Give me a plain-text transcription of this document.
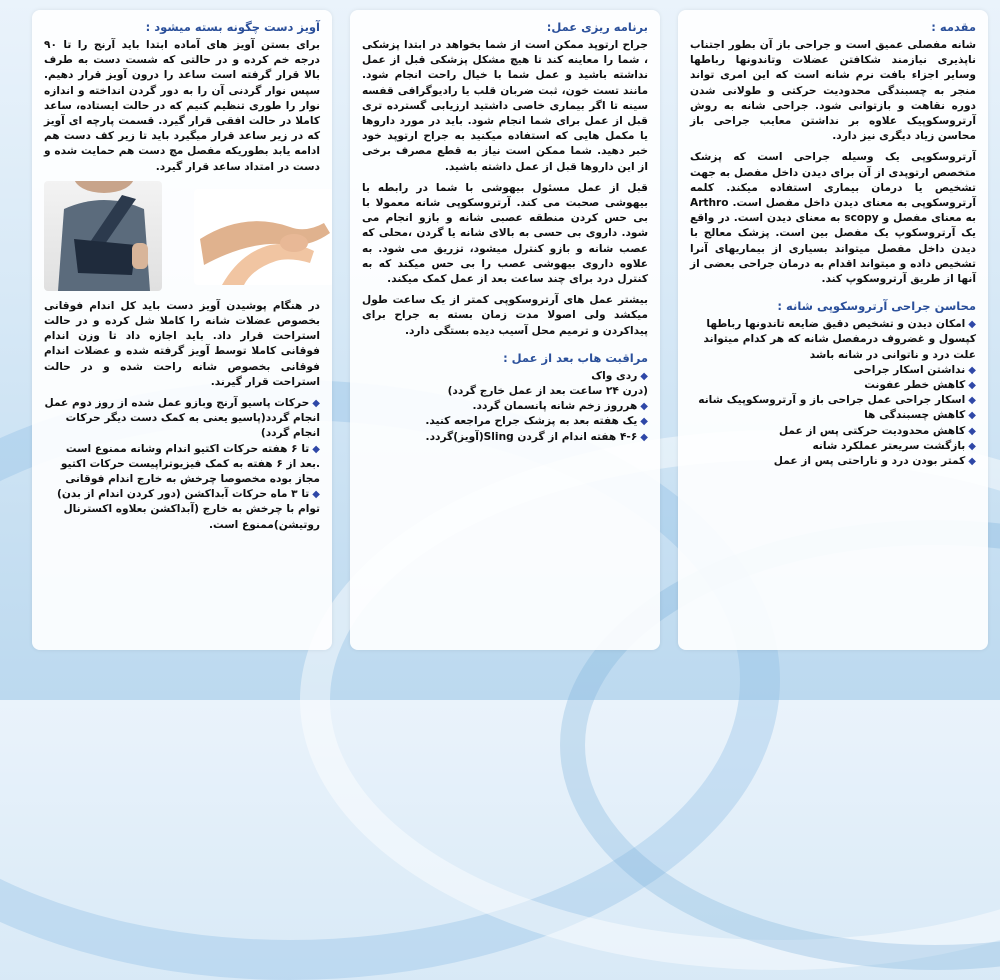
مقدمه :

شانه مفصلی عمیق است و جراحی باز آن بطور اجتناب ناپذیری نیازمند شکافتن عضلات وتاندونها رباطها وسایر اجزاء بافت نرم شانه است که این امری تواند منجر به چسبندگی محدودیت حرکتی و طولانی شدن دوره نقاهت و بازتوانی شود. جراحی شانه به روش آرتروسکوپیک علاوه بر نداشتن معایب جراحی باز محاسن زیاد دیگری نیز دارد.

آرتروسکوپی یک وسیله جراحی است که پزشک متخصص ارتوپدی از آن برای دیدن داخل مفصل به جهت تشخیص یا درمان بیماری استفاده میکند. کلمه آرتروسکوپی به معنای دیدن داخل مفصل است. Arthro به معنای مفصل و scopy به معنای دیدن است. در واقع یک آرتروسکوپ یک مفصل بین است. پزشک معالج با دیدن داخل مفصل میتواند بسیاری از بیماریهای آنرا تشخیص داده و میتواند اقدام به درمان جراحی بعضی از آنها از طریق آرتروسکوپ کند.

محاسن جراحی آرتروسکوپی شانه :
◆امکان دیدن و تشخیص دقیق ضایعه تاندونها رباطها کپسول و غضروف درمفصل شانه که هر کدام میتواند علت درد و ناتوانی در شانه باشد
◆نداشتن اسکار جراحی
◆کاهش خطر عفونت
◆اسکار جراحی عمل جراحی باز و آرتروسکوپیک شانه
◆کاهش چسبندگی ها
◆کاهش محدودیت حرکتی پس از عمل
◆بازگشت سریعتر عملکرد شانه
◆کمتر بودن درد و ناراحتی پس از عمل
برنامه ریزی عمل:

جراح ارتوپد ممکن است از شما بخواهد در ابتدا پزشکی ، شما را معاینه کند تا هیچ مشکل پزشکی قبل از عمل نداشته باشید و عمل شما با خیال راحت انجام شود. مانند تست خون، ثبت ضربان قلب یا رادیوگرافی قفسه سینه تا اگر بیماری خاصی داشتید ارزیابی گسترده تری قبل از عمل برای شما انجام شود. باید در مورد داروها یا مکمل هایی که استفاده میکنید به جراح ارتوپد خود خبر دهید. شما ممکن است نیاز به قطع مصرف برخی از این داروها قبل از عمل داشته باشید.

قبل از عمل مسئول بیهوشی با شما در رابطه با بیهوشی صحبت می کند. آرتروسکوپی شانه معمولا با بی حس کردن منطقه عصبی شانه و بازو انجام می شود. داروی بی حسی به بالای شانه یا گردن ،محلی که عصب شانه و بازو کنترل میشود، تزریق می شود. به علاوه داروی بیهوشی عصب را بی حس میکند که به کنترل درد برای چند ساعت بعد از عمل کمک میکند.

بیشتر عمل های آرتروسکوپی کمتر از یک ساعت طول میکشد ولی اصولا مدت زمان بسته به جراح برای پیداکردن و ترمیم محل آسیب دیده بستگی دارد.

مراقبت هاب بعد از عمل :
◆ردی واک
(درن ۲۴ ساعت بعد از عمل خارج گردد)
◆هرروز زخم شانه پانسمان گردد.
◆یک هفته بعد به پزشک جراح مراجعه کنید.
◆۴-۶ هفته اندام از گردن Sling(آویز)گردد.
آویز دست چگونه بسته میشود :

برای بستن آویز های آماده ابتدا باید آرنج را تا ۹۰ درجه خم کرده و در حالتی که شست دست به طرف بالا قرار گرفته است ساعد را درون آویز قرار دهیم. سپس نوار گردنی آن را به دور گردن انداخته و اندازه نوار را طوری تنظیم کنیم که در حالت ایستاده، ساعد کاملا در حالت افقی قرار گیرد. قسمت پارچه ای آویز که در زیر ساعد قرار میگیرد باید تا زیر کف دست هم ادامه یابد بطوریکه مفصل مچ دست هم حمایت شده و دست در امتداد ساعد قرار گیرد.

در هنگام پوشیدن آویز دست باید کل اندام فوقانی بخصوص عضلات شانه را کاملا شل کرده و در حالت استراحت قرار داد. باید اجازه داد تا وزن اندام فوقانی کاملا توسط آویز گرفته شده و عضلات اندام فوقانی بخصوص شانه راحت شده و در حالت استراحت قرار گیرند.

◆حرکات پاسیو آرنج وبازو عمل شده از روز دوم عمل انجام گردد(پاسیو یعنی به کمک دست دیگر حرکات انجام گردد)
◆تا ۶ هفته حرکات اکتیو اندام وشانه ممنوع است .بعد از ۶ هفته به کمک فیزیوتراپیست حرکات اکتیو مجاز بوده مخصوصا چرخش به خارج اندام فوقانی
◆تا ۳ ماه حرکات آبداکشن (دور کردن اندام از بدن) توام با چرخش به خارج (آبداکشن بعلاوه اکسترنال روتیشن)ممنوع است.
